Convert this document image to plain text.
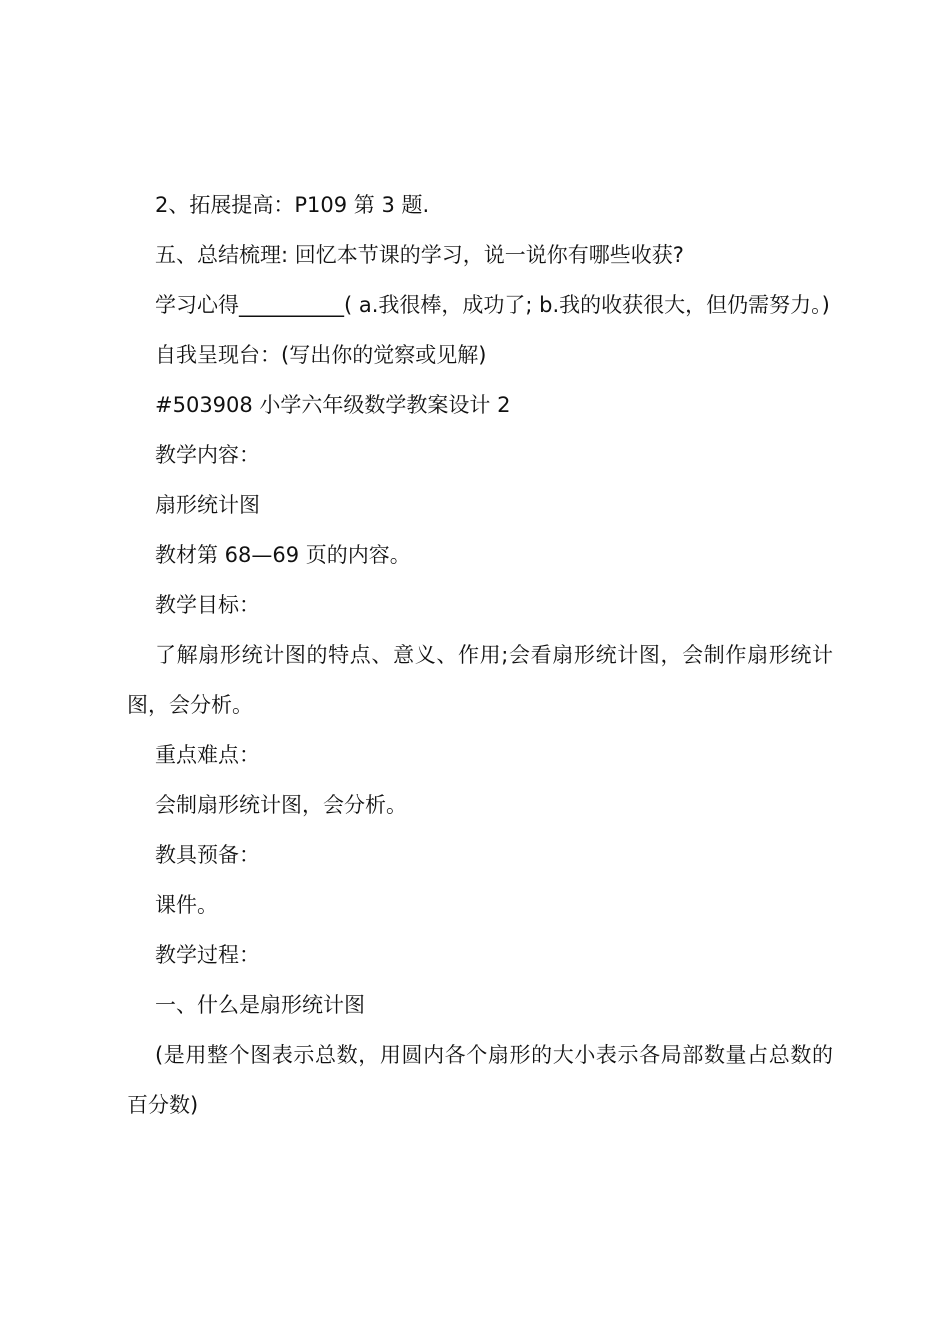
2、拓展提高：P109 第 3 题.

五、总结梳理: 回忆本节课的学习，说一说你有哪些收获?

学习心得__________( a.我很棒，成功了; b.我的收获很大，但仍需努力。)

自我呈现台：(写出你的觉察或见解)

#503908 小学六年级数学教案设计 2

教学内容：

扇形统计图

教材第 68—69 页的内容。

教学目标：

了解扇形统计图的特点、意义、作用;会看扇形统计图，会制作扇形统计图，会分析。

重点难点：

会制扇形统计图，会分析。

教具预备：

课件。

教学过程：

一、什么是扇形统计图

(是用整个图表示总数，用圆内各个扇形的大小表示各局部数量占总数的百分数)
